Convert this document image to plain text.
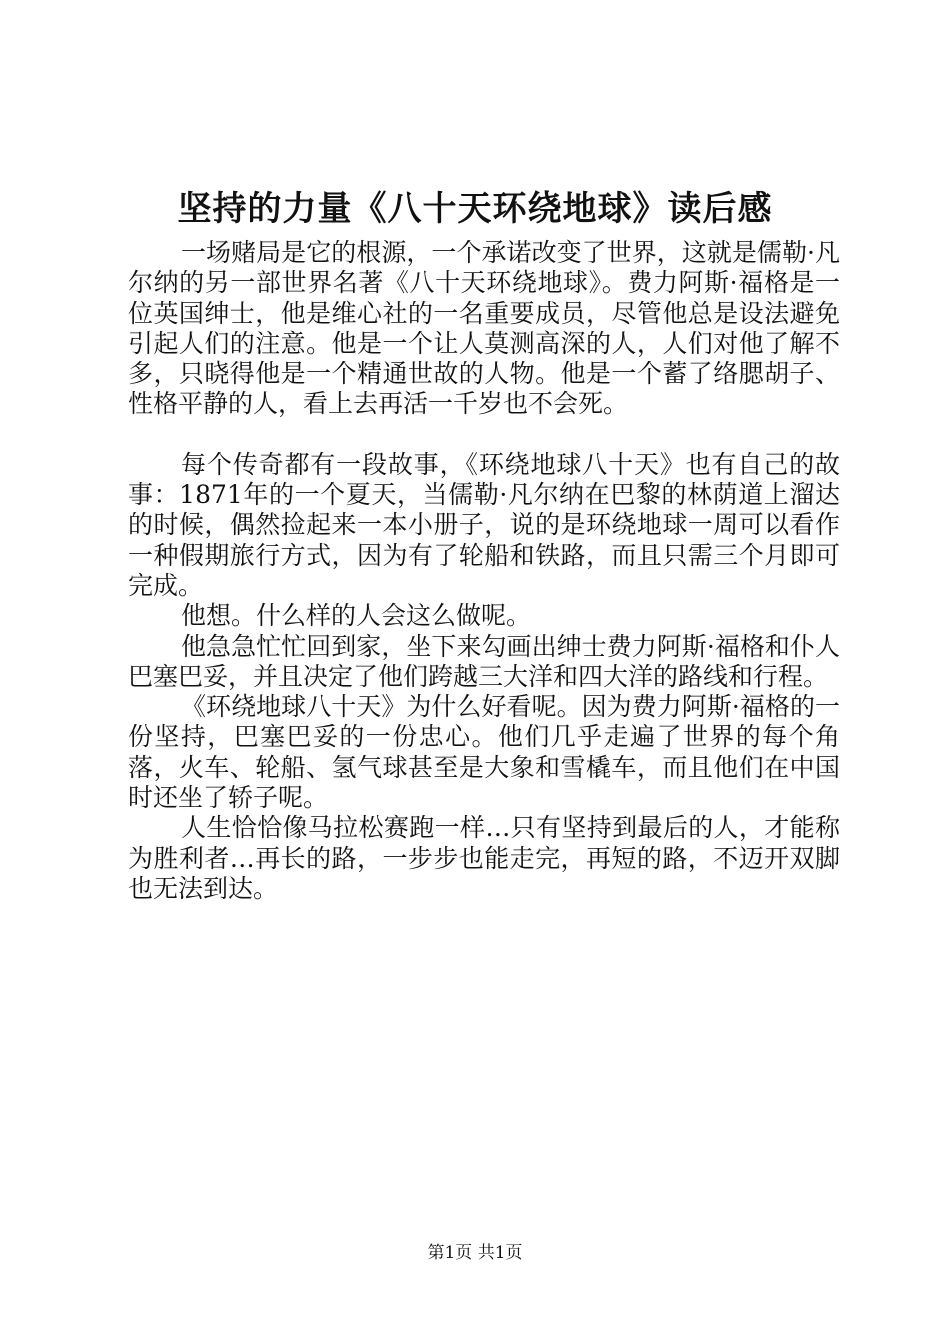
坚持的力量《八十天环绕地球》读后感

一场赌局是它的根源，一个承诺改变了世界，这就是儒勒·凡尔纳的另一部世界名著《八十天环绕地球》。费力阿斯·福格是一位英国绅士，他是维心社的一名重要成员，尽管他总是设法避免引起人们的注意。他是一个让人莫测高深的人，人们对他了解不多，只晓得他是一个精通世故的人物。他是一个蓄了络腮胡子、性格平静的人，看上去再活一千岁也不会死。

每个传奇都有一段故事，《环绕地球八十天》也有自己的故事：1871年的一个夏天，当儒勒·凡尔纳在巴黎的林荫道上溜达的时候，偶然捡起来一本小册子，说的是环绕地球一周可以看作一种假期旅行方式，因为有了轮船和铁路，而且只需三个月即可完成。

他想。什么样的人会这么做呢。

他急急忙忙回到家，坐下来勾画出绅士费力阿斯·福格和仆人巴塞巴妥，并且决定了他们跨越三大洋和四大洋的路线和行程。

《环绕地球八十天》为什么好看呢。因为费力阿斯·福格的一份坚持，巴塞巴妥的一份忠心。他们几乎走遍了世界的每个角落，火车、轮船、氢气球甚至是大象和雪橇车，而且他们在中国时还坐了轿子呢。

人生恰恰像马拉松赛跑一样…只有坚持到最后的人，才能称为胜利者…再长的路，一步步也能走完，再短的路，不迈开双脚也无法到达。

第1页 共1页
